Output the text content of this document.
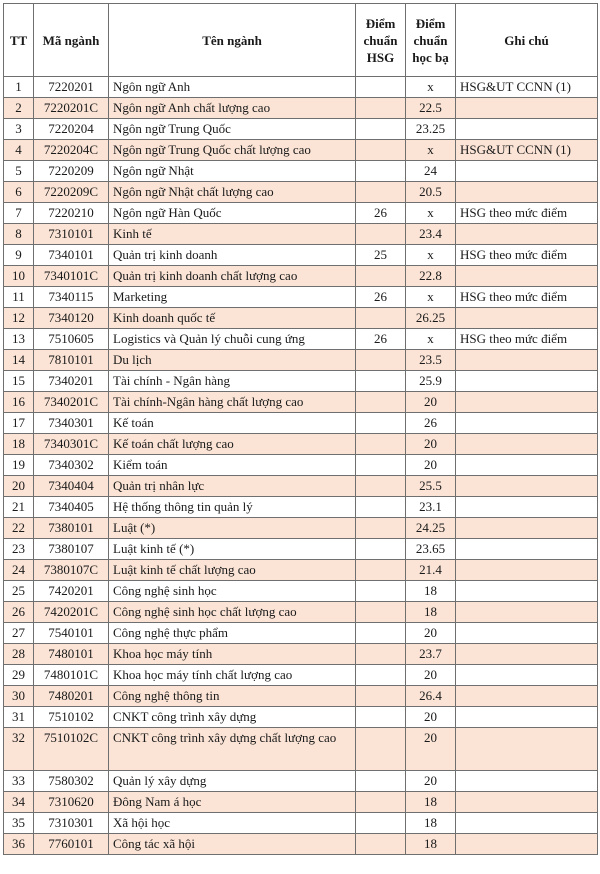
TT	Mã ngành	Tên ngành	Điểm chuẩn HSG	Điểm chuẩn học bạ	Ghi chú
1	7220201	Ngôn ngữ Anh		x	HSG&UT CCNN (1)
2	7220201C	Ngôn ngữ Anh chất lượng cao		22.5	
3	7220204	Ngôn ngữ Trung Quốc		23.25	
4	7220204C	Ngôn ngữ Trung Quốc chất lượng cao		x	HSG&UT CCNN (1)
5	7220209	Ngôn ngữ Nhật		24	
6	7220209C	Ngôn ngữ Nhật chất lượng cao		20.5	
7	7220210	Ngôn ngữ Hàn Quốc	26	x	HSG theo mức điểm
8	7310101	Kinh tế		23.4	
9	7340101	Quản trị kinh doanh	25	x	HSG theo mức điểm
10	7340101C	Quản trị kinh doanh chất lượng cao		22.8	
11	7340115	Marketing	26	x	HSG theo mức điểm
12	7340120	Kinh doanh quốc tế		26.25	
13	7510605	Logistics và Quản lý chuỗi cung ứng	26	x	HSG theo mức điểm
14	7810101	Du lịch		23.5	
15	7340201	Tài chính - Ngân hàng		25.9	
16	7340201C	Tài chính-Ngân hàng chất lượng cao		20	
17	7340301	Kế toán		26	
18	7340301C	Kế toán chất lượng cao		20	
19	7340302	Kiểm toán		20	
20	7340404	Quản trị nhân lực		25.5	
21	7340405	Hệ thống thông tin quản lý		23.1	
22	7380101	Luật (*)		24.25	
23	7380107	Luật kinh tế (*)		23.65	
24	7380107C	Luật kinh tế chất lượng cao		21.4	
25	7420201	Công nghệ sinh học		18	
26	7420201C	Công nghệ sinh học chất lượng cao		18	
27	7540101	Công nghệ thực phẩm		20	
28	7480101	Khoa học máy tính		23.7	
29	7480101C	Khoa học máy tính chất lượng cao		20	
30	7480201	Công nghệ thông tin		26.4	
31	7510102	CNKT công trình xây dựng		20	
32	7510102C	CNKT công trình xây dựng chất lượng cao		20	
33	7580302	Quản lý xây dựng		20	
34	7310620	Đông Nam á học		18	
35	7310301	Xã hội học		18	
36	7760101	Công tác xã hội		18	
